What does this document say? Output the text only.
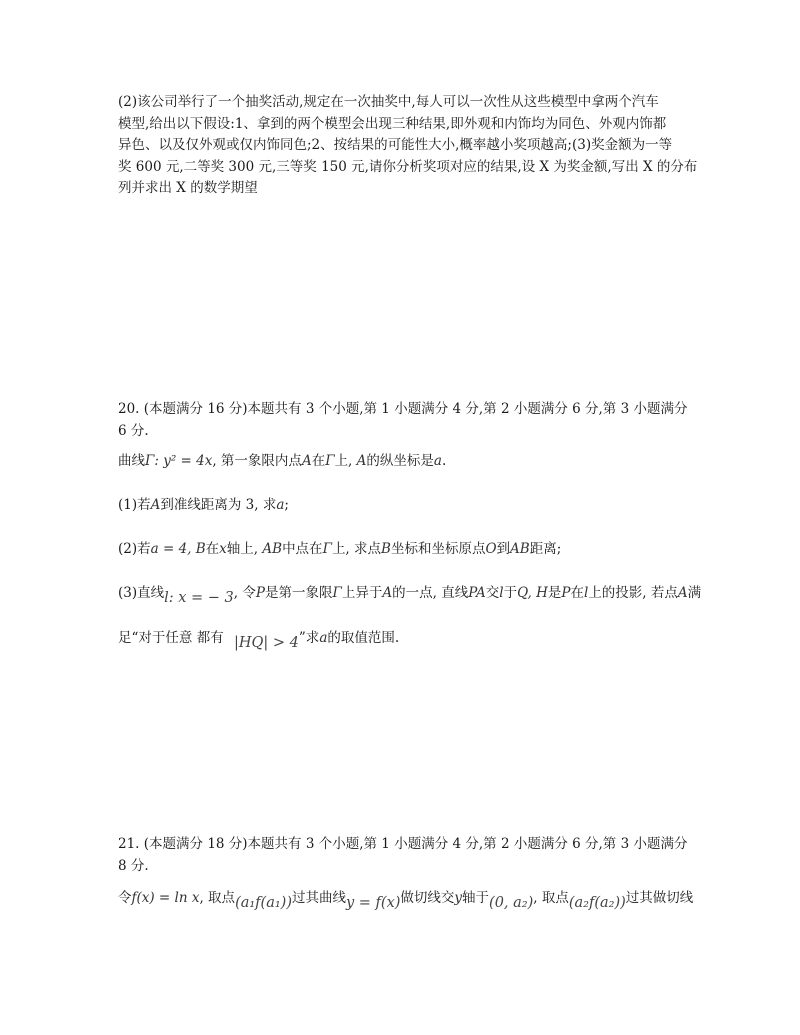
(2)该公司举行了一个抽奖活动,规定在一次抽奖中,每人可以一次性从这些模型中拿两个汽车
模型,给出以下假设:1、拿到的两个模型会出现三种结果,即外观和内饰均为同色、外观内饰都
异色、以及仅外观或仅内饰同色;2、按结果的可能性大小,概率越小奖项越高;(3)奖金额为一等
奖 600 元,二等奖 300 元,三等奖 150 元,请你分析奖项对应的结果,设 X 为奖金额,写出 X 的分布
列并求出 X 的数学期望
20. (本题满分 16 分)本题共有 3 个小题,第 1 小题满分 4 分,第 2 小题满分 6 分,第 3 小题满分
6 分.
曲线Γ: y² = 4x, 第一象限内点A在Γ上, A的纵坐标是a.
(1)若A到准线距离为 3, 求a;
(2)若a = 4, B在x轴上, AB中点在Γ上, 求点B坐标和坐标原点O到AB距离;
(3)直线l: x = − 3, 令P是第一象限Γ上异于A的一点, 直线PA交l于Q, H是P在l上的投影, 若点A满
足“对于任意 都有 |HQ| > 4”求a的取值范围.
21. (本题满分 18 分)本题共有 3 个小题,第 1 小题满分 4 分,第 2 小题满分 6 分,第 3 小题满分
8 分.
令f(x) = ln x, 取点(a₁f(a₁))过其曲线y = f(x)做切线交y轴于(0, a₂), 取点(a₂f(a₂))过其做切线
